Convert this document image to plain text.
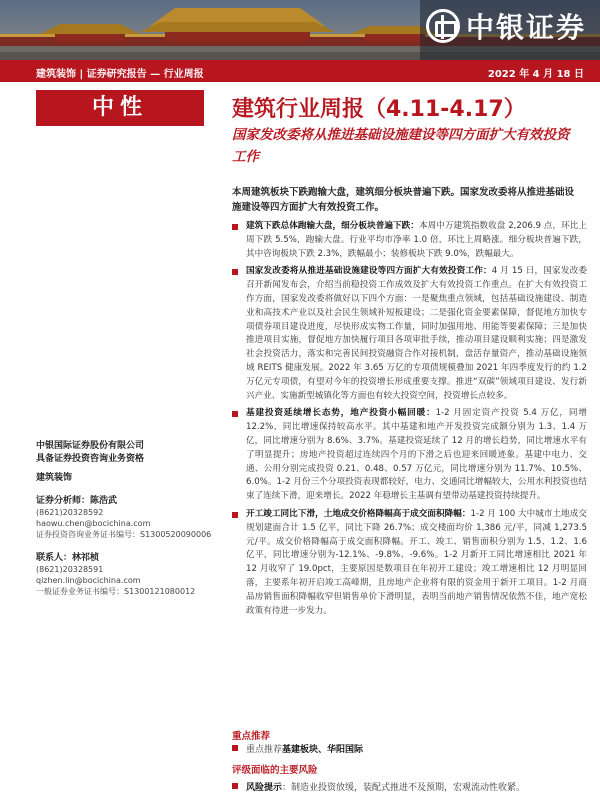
中银证券
建筑装饰 | 证券研究报告 — 行业周报	2022 年 4 月 18 日
中性	建筑行业周报（4.11-4.17）
国家发改委将从推进基础设施建设等四方面扩大有效投资工作
本周建筑板块下跌跑输大盘，建筑细分板块普遍下跌。国家发改委将从推进基础设施建设等四方面扩大有效投资工作。
建筑下跌总体跑输大盘，细分板块普遍下跌：本周中万建筑指数收盘 2,206.9 点，环比上周下跌 5.5%，跑输大盘。行业平均市净率 1.0 倍，环比上周略涨。细分板块普遍下跌，其中咨询板块下跌 2.3%，跌幅最小；装修板块下跌 9.0%，跌幅最大。
国家发改委将从推进基础设施建设等四方面扩大有效投资工作：4 月 15 日，国家发改委召开新闻发布会，介绍当前稳投资工作成效及扩大有效投资工作重点。在扩大有效投资工作方面，国家发改委将做好以下四个方面：一是聚焦重点领域，包括基础设施建设、制造业和高技术产业以及社会民生领域补短板建设；二是强化资金要素保障，督促地方加快专项债券项目建设进度，尽快形成实物工作量，同时加强用地、用能等要素保障；三是加快推进项目实施，督促地方加快履行项目各项审批手续，推动项目建设顺利实施；四是激发社会投资活力，落实和完善民间投资融资合作对接机制，盘活存量资产，推动基础设施领域 REITS 健康发展。2022 年 3.65 万亿的专项债规模叠加 2021 年四季度发行的约 1.2 万亿元专项债，有望对今年的投资增长形成重要支撑。推进“双碳”领域项目建设、发行新兴产业、实施新型城镇化等方面也有较大投资空间，投资增长点较多。
基建投资延续增长态势，地产投资小幅回暖：1-2 月固定资产投资 5.4 万亿，同增 12.2%，同比增速保持较高水平。其中基建和地产开发投资完成额分别为 1.3、1.4 万亿，同比增速分别为 8.6%、3.7%。基建投资延续了 12 月的增长趋势，同比增速水平有了明显提升；房地产投资超过连续四个月的下滑之后也迎来回暖迹象。基建中电力、交通、公用分别完成投资 0.21、0.48、0.57 万亿元，同比增速分别为 11.7%、10.5%、6.0%。1-2 月份三个分项投资表现都较好，电力、交通同比增幅较大，公用水利投资也结束了连续下滑，迎来增长。2022 年稳增长主基调有望带动基建投资持续提升。
开工竣工同比下滑，土地成交价格降幅高于成交面积降幅：1-2 月 100 大中城市土地成交规划建面合计 1.5 亿平，同比下降 26.7%；成交楼面均价 1,386 元/平，同减 1,273.5 元/平。成交价格降幅高于成交面积降幅。开工、竣工、销售面积分别为 1.5、1.2、1.6 亿平，同比增速分别为-12.1%、-9.8%、-9.6%。1-2 月新开工同比增速相比 2021 年 12 月收窄了 19.0pct，主要原因是数项目在年初开工建设；竣工增速相比 12 月明显回落，主要系年初开启竣工高峰期，且房地产企业将有限的资金用于新开工项目。1-2 月商品房销售面积降幅收窄但销售单价下滑明显，表明当前地产销售情况依然不佳，地产宽松政策有待进一步发力。
重点推荐
重点推荐基建板块、华阳国际
评级面临的主要风险
风险提示：制造业投资放缓，装配式推进不及预期，宏观流动性收紧。
中银国际证券股份有限公司
具备证券投资咨询业务资格
建筑装饰
证券分析师：陈浩武
(8621)20328592
haowu.chen@bocichina.com
证券投资咨询业务证书编号：S1300520090006
联系人：林祁桢
(8621)20328591
qizhen.lin@bocichina.com
一般证券业务证书编号：S1300121080012
